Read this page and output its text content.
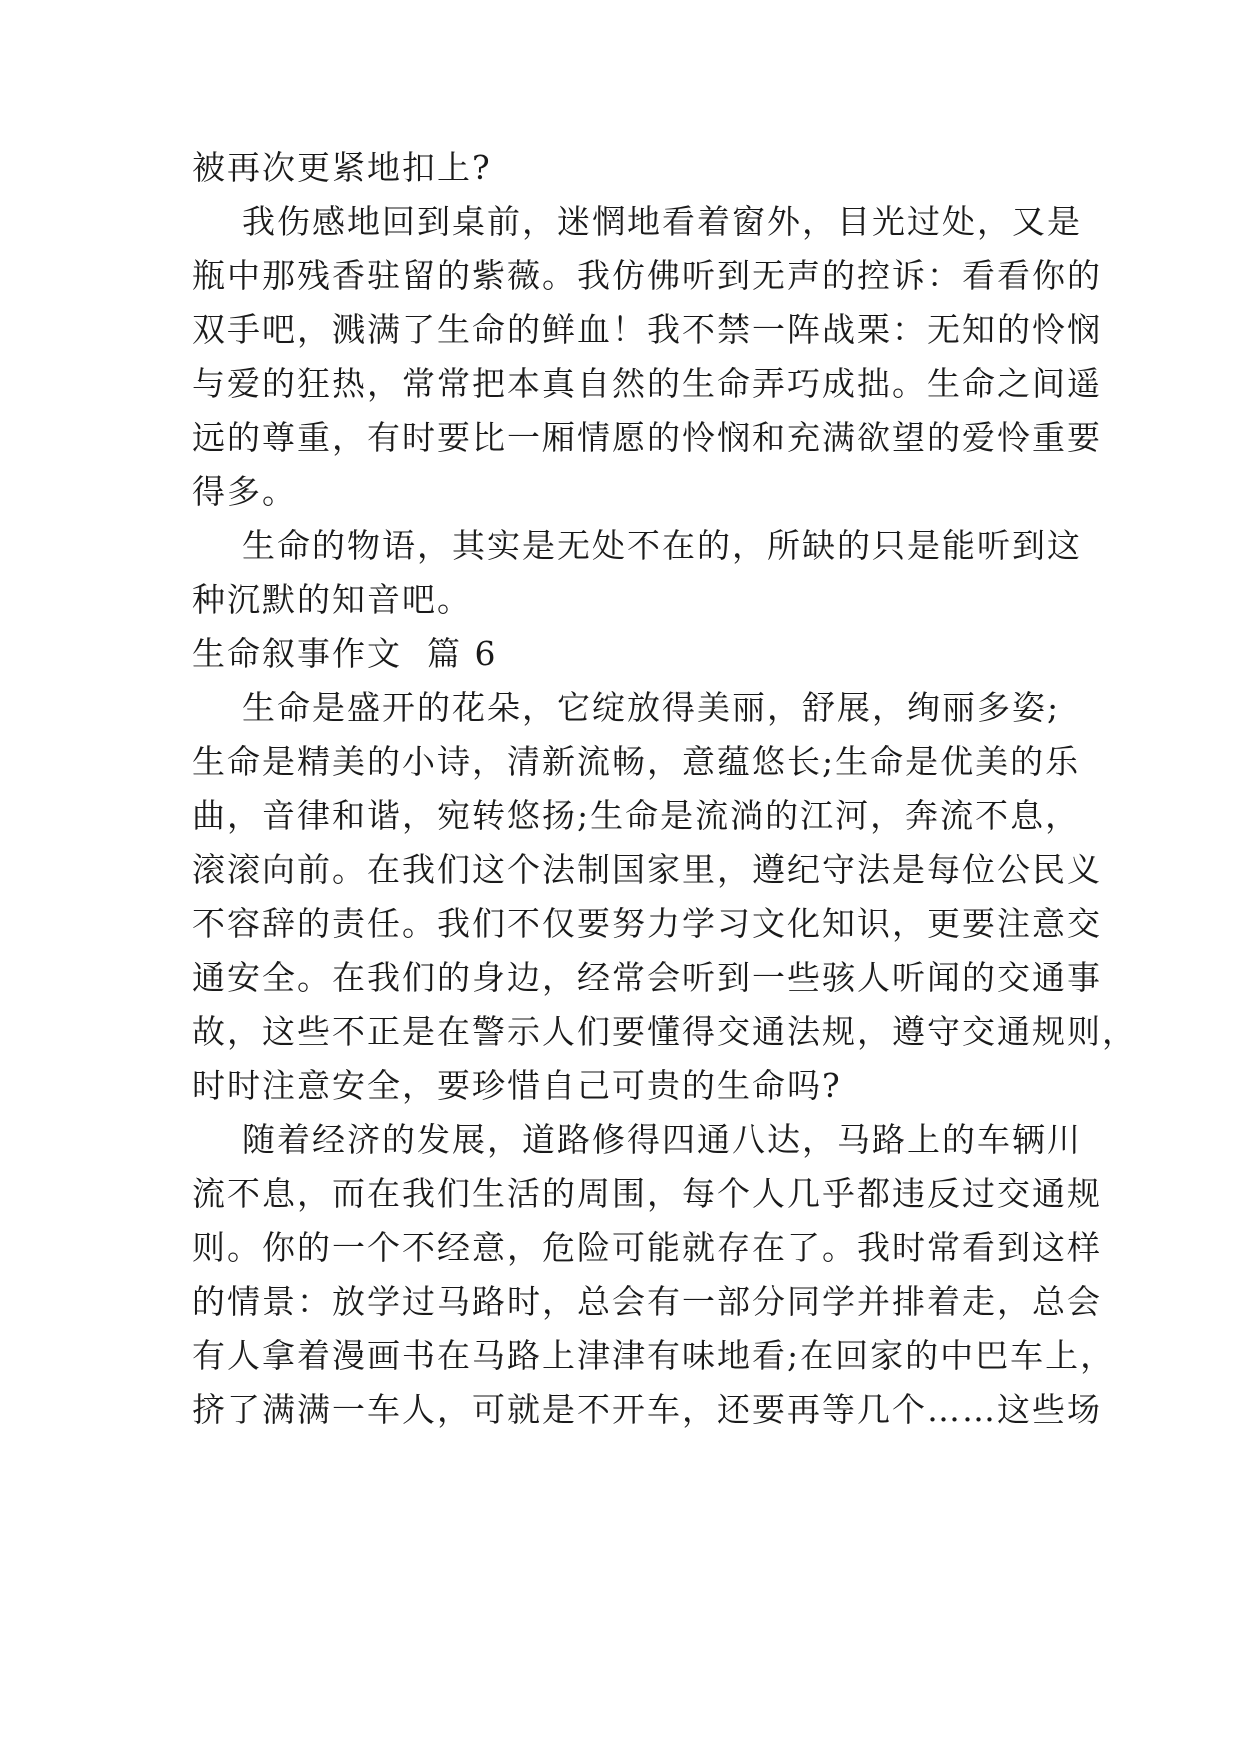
被再次更紧地扣上?
我伤感地回到桌前，迷惘地看着窗外，目光过处，又是
瓶中那残香驻留的紫薇。我仿佛听到无声的控诉：看看你的
双手吧，溅满了生命的鲜血！我不禁一阵战栗：无知的怜悯
与爱的狂热，常常把本真自然的生命弄巧成拙。生命之间遥
远的尊重，有时要比一厢情愿的怜悯和充满欲望的爱怜重要
得多。
生命的物语，其实是无处不在的，所缺的只是能听到这
种沉默的知音吧。
生命叙事作文  篇 6
生命是盛开的花朵，它绽放得美丽，舒展，绚丽多姿;
生命是精美的小诗，清新流畅，意蕴悠长;生命是优美的乐
曲，音律和谐，宛转悠扬;生命是流淌的江河，奔流不息，
滚滚向前。在我们这个法制国家里，遵纪守法是每位公民义
不容辞的责任。我们不仅要努力学习文化知识，更要注意交
通安全。在我们的身边，经常会听到一些骇人听闻的交通事
故，这些不正是在警示人们要懂得交通法规，遵守交通规则，
时时注意安全，要珍惜自己可贵的生命吗?
随着经济的发展，道路修得四通八达，马路上的车辆川
流不息，而在我们生活的周围，每个人几乎都违反过交通规
则。你的一个不经意，危险可能就存在了。我时常看到这样
的情景：放学过马路时，总会有一部分同学并排着走，总会
有人拿着漫画书在马路上津津有味地看;在回家的中巴车上，
挤了满满一车人，可就是不开车，还要再等几个……这些场
